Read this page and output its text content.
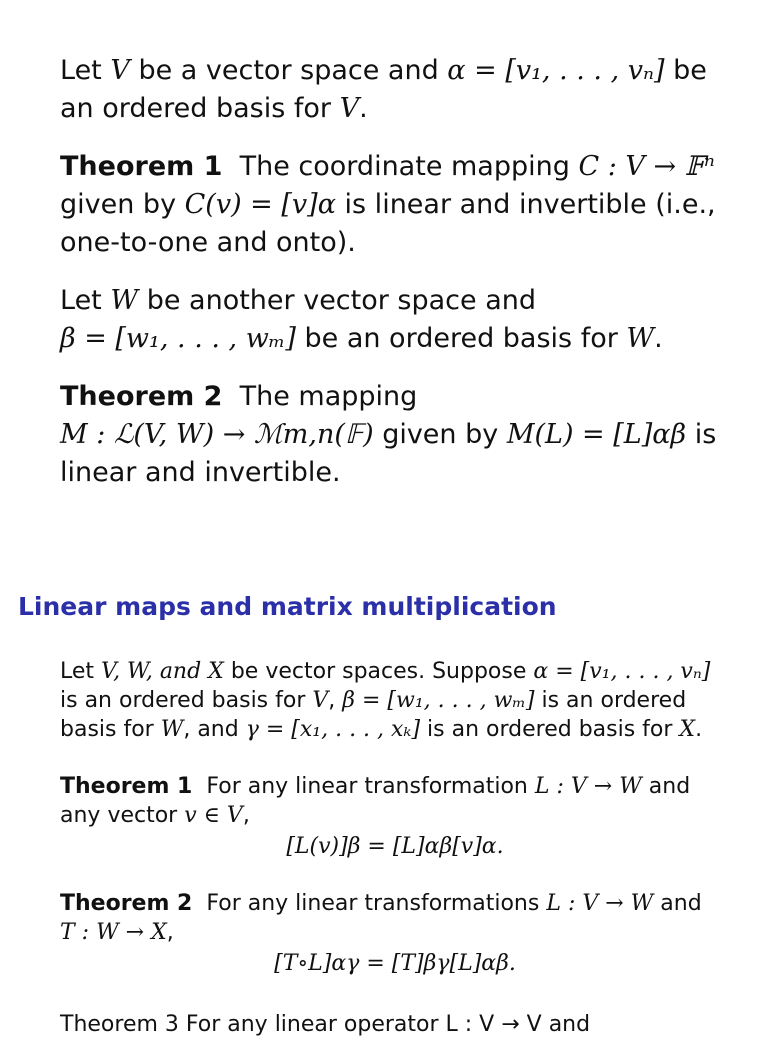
Let V be a vector space and α = [v₁, . . . , vₙ] be an ordered basis for V.

Theorem 1 The coordinate mapping C : V → 𝔽ⁿ given by C(v) = [v]α is linear and invertible (i.e., one-to-one and onto).

Let W be another vector space and
β = [w₁, . . . , wₘ] be an ordered basis for W.

Theorem 2 The mapping
M : ℒ(V, W) → ℳm,n(𝔽) given by M(L) = [L]αβ is linear and invertible.

Linear maps and matrix multiplication

Let V, W, and X be vector spaces. Suppose α = [v₁, . . . , vₙ] is an ordered basis for V, β = [w₁, . . . , wₘ] is an ordered basis for W, and γ = [x₁, . . . , xₖ] is an ordered basis for X.

Theorem 1 For any linear transformation L : V → W and any vector v ∈ V,

[L(v)]β = [L]αβ[v]α.

Theorem 2 For any linear transformations L : V → W and
T : W → X,

[T∘L]αγ = [T]βγ[L]αβ.

Theorem 3 For any linear operator L : V → V and
